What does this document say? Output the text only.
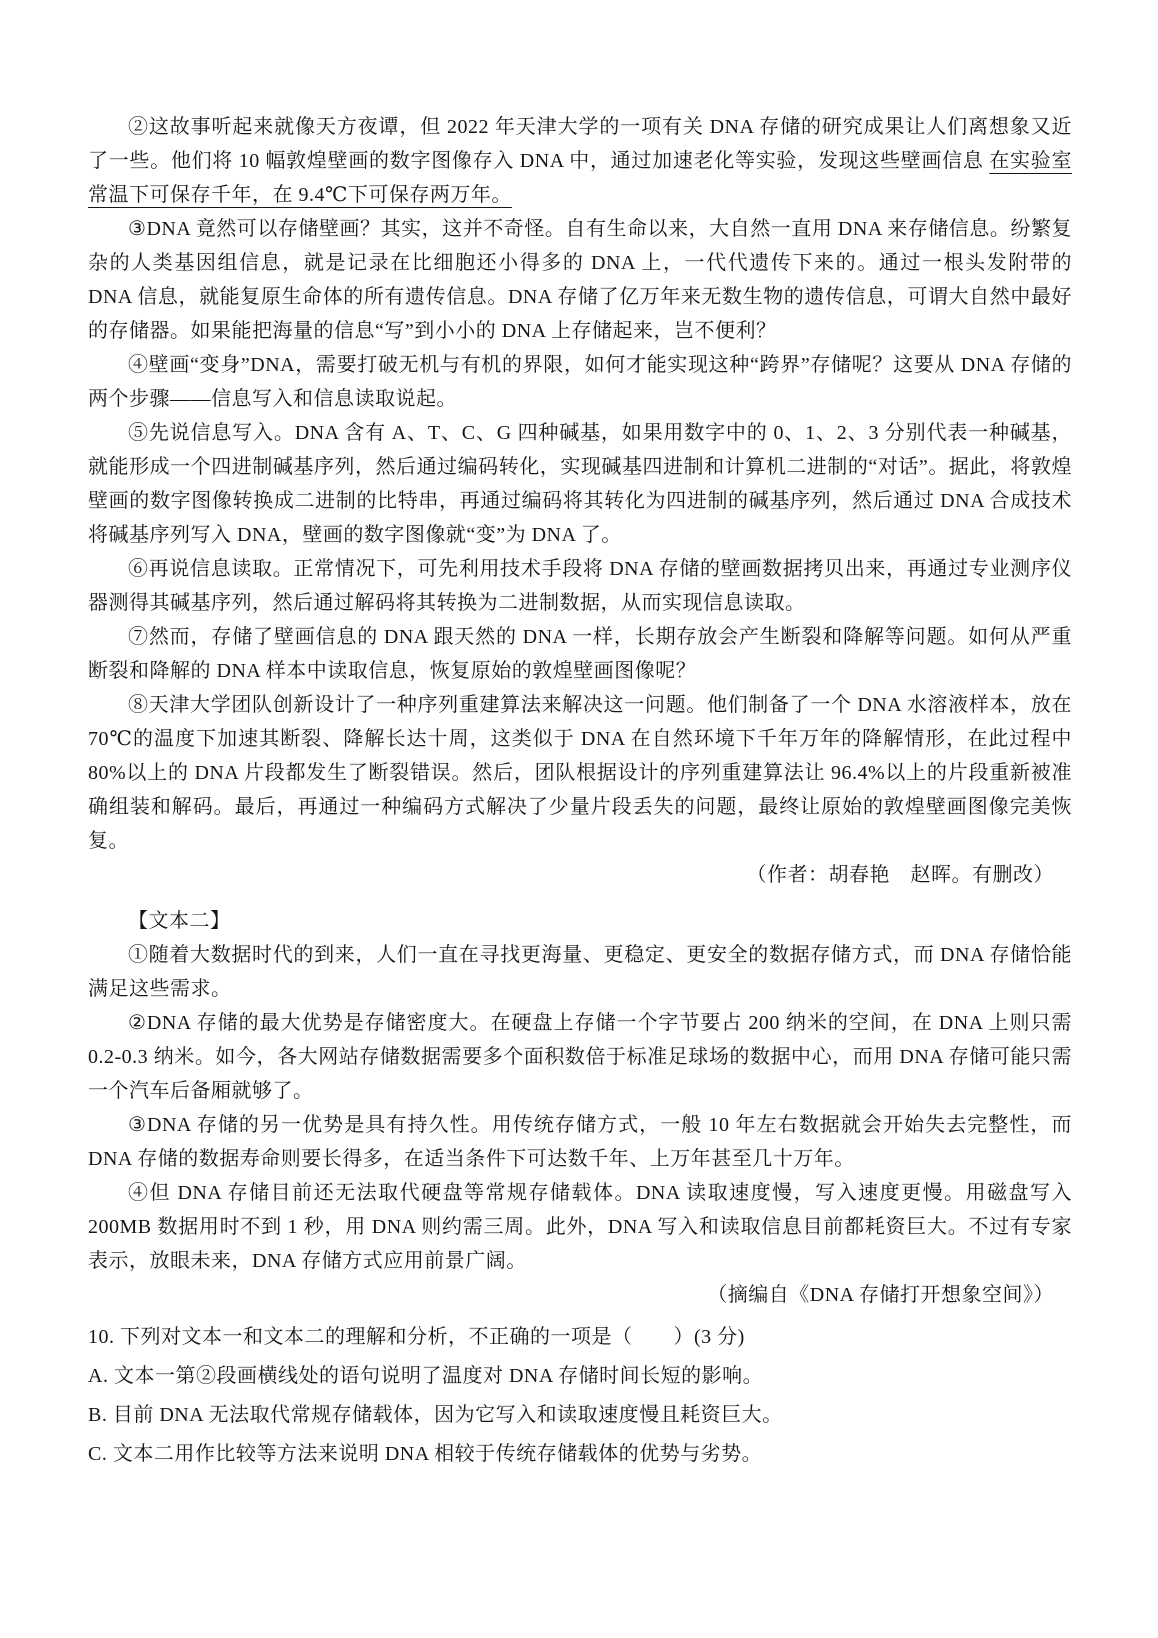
②这故事听起来就像天方夜谭，但 2022 年天津大学的一项有关 DNA 存储的研究成果让人们离想象又近了一些。他们将 10 幅敦煌壁画的数字图像存入 DNA 中，通过加速老化等实验，发现这些壁画信息 在实验室常温下可保存千年，在 9.4℃下可保存两万年。

③DNA 竟然可以存储壁画？其实，这并不奇怪。自有生命以来，大自然一直用 DNA 来存储信息。纷繁复杂的人类基因组信息，就是记录在比细胞还小得多的 DNA 上，一代代遗传下来的。通过一根头发附带的 DNA 信息，就能复原生命体的所有遗传信息。DNA 存储了亿万年来无数生物的遗传信息，可谓大自然中最好的存储器。如果能把海量的信息“写”到小小的 DNA 上存储起来，岂不便利？

④壁画“变身”DNA，需要打破无机与有机的界限，如何才能实现这种“跨界”存储呢？这要从 DNA 存储的两个步骤——信息写入和信息读取说起。

⑤先说信息写入。DNA 含有 A、T、C、G 四种碱基，如果用数字中的 0、1、2、3 分别代表一种碱基，就能形成一个四进制碱基序列，然后通过编码转化，实现碱基四进制和计算机二进制的“对话”。据此，将敦煌壁画的数字图像转换成二进制的比特串，再通过编码将其转化为四进制的碱基序列，然后通过 DNA 合成技术将碱基序列写入 DNA，壁画的数字图像就“变”为 DNA 了。

⑥再说信息读取。正常情况下，可先利用技术手段将 DNA 存储的壁画数据拷贝出来，再通过专业测序仪器测得其碱基序列，然后通过解码将其转换为二进制数据，从而实现信息读取。

⑦然而，存储了壁画信息的 DNA 跟天然的 DNA 一样，长期存放会产生断裂和降解等问题。如何从严重断裂和降解的 DNA 样本中读取信息，恢复原始的敦煌壁画图像呢？

⑧天津大学团队创新设计了一种序列重建算法来解决这一问题。他们制备了一个 DNA 水溶液样本，放在 70℃的温度下加速其断裂、降解长达十周，这类似于 DNA 在自然环境下千年万年的降解情形，在此过程中 80%以上的 DNA 片段都发生了断裂错误。然后，团队根据设计的序列重建算法让 96.4%以上的片段重新被准确组装和解码。最后，再通过一种编码方式解决了少量片段丢失的问题，最终让原始的敦煌壁画图像完美恢复。

（作者：胡春艳　赵晖。有删改）

【文本二】

①随着大数据时代的到来，人们一直在寻找更海量、更稳定、更安全的数据存储方式，而 DNA 存储恰能满足这些需求。

②DNA 存储的最大优势是存储密度大。在硬盘上存储一个字节要占 200 纳米的空间，在 DNA 上则只需 0.2-0.3 纳米。如今，各大网站存储数据需要多个面积数倍于标准足球场的数据中心，而用 DNA 存储可能只需一个汽车后备厢就够了。

③DNA 存储的另一优势是具有持久性。用传统存储方式，一般 10 年左右数据就会开始失去完整性，而 DNA 存储的数据寿命则要长得多，在适当条件下可达数千年、上万年甚至几十万年。

④但 DNA 存储目前还无法取代硬盘等常规存储载体。DNA 读取速度慢，写入速度更慢。用磁盘写入 200MB 数据用时不到 1 秒，用 DNA 则约需三周。此外，DNA 写入和读取信息目前都耗资巨大。不过有专家表示，放眼未来，DNA 存储方式应用前景广阔。

（摘编自《DNA 存储打开想象空间》）

10. 下列对文本一和文本二的理解和分析，不正确的一项是（　　）(3 分)

A. 文本一第②段画横线处的语句说明了温度对 DNA 存储时间长短的影响。

B. 目前 DNA 无法取代常规存储载体，因为它写入和读取速度慢且耗资巨大。

C. 文本二用作比较等方法来说明 DNA 相较于传统存储载体的优势与劣势。
